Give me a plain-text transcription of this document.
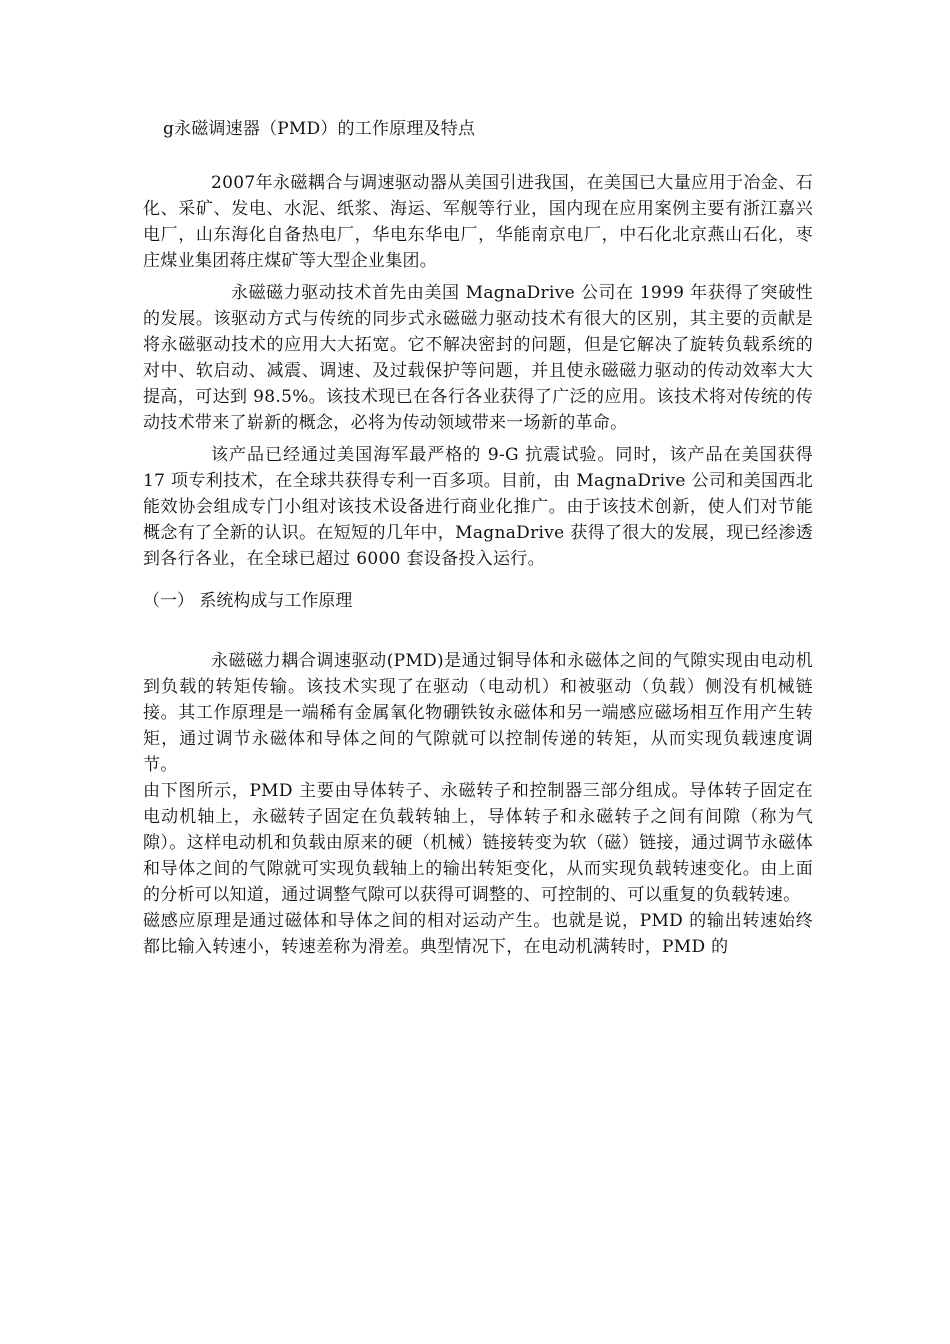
g永磁调速器（PMD）的工作原理及特点

2007年永磁耦合与调速驱动器从美国引进我国，在美国已大量应用于冶金、石化、采矿、发电、水泥、纸浆、海运、军舰等行业，国内现在应用案例主要有浙江嘉兴电厂，山东海化自备热电厂，华电东华电厂，华能南京电厂，中石化北京燕山石化，枣庄煤业集团蒋庄煤矿等大型企业集团。

永磁磁力驱动技术首先由美国 MagnaDrive 公司在 1999 年获得了突破性的发展。该驱动方式与传统的同步式永磁磁力驱动技术有很大的区别，其主要的贡献是将永磁驱动技术的应用大大拓宽。它不解决密封的问题，但是它解决了旋转负载系统的对中、软启动、减震、调速、及过载保护等问题，并且使永磁磁力驱动的传动效率大大提高，可达到 98.5%。该技术现已在各行各业获得了广泛的应用。该技术将对传统的传动技术带来了崭新的概念，必将为传动领域带来一场新的革命。

该产品已经通过美国海军最严格的 9-G 抗震试验。同时，该产品在美国获得 17 项专利技术，在全球共获得专利一百多项。目前，由 MagnaDrive 公司和美国西北能效协会组成专门小组对该技术设备进行商业化推广。由于该技术创新，使人们对节能概念有了全新的认识。在短短的几年中，MagnaDrive 获得了很大的发展，现已经渗透到各行各业，在全球已超过 6000 套设备投入运行。

（一） 系统构成与工作原理

永磁磁力耦合调速驱动(PMD)是通过铜导体和永磁体之间的气隙实现由电动机到负载的转矩传输。该技术实现了在驱动（电动机）和被驱动（负载）侧没有机械链接。其工作原理是一端稀有金属氧化物硼铁钕永磁体和另一端感应磁场相互作用产生转矩，通过调节永磁体和导体之间的气隙就可以控制传递的转矩，从而实现负载速度调节。

由下图所示，PMD 主要由导体转子、永磁转子和控制器三部分组成。导体转子固定在电动机轴上，永磁转子固定在负载转轴上，导体转子和永磁转子之间有间隙（称为气隙）。这样电动机和负载由原来的硬（机械）链接转变为软（磁）链接，通过调节永磁体和导体之间的气隙就可实现负载轴上的输出转矩变化，从而实现负载转速变化。由上面的分析可以知道，通过调整气隙可以获得可调整的、可控制的、可以重复的负载转速。

磁感应原理是通过磁体和导体之间的相对运动产生。也就是说，PMD 的输出转速始终都比输入转速小，转速差称为滑差。典型情况下，在电动机满转时，PMD 的
